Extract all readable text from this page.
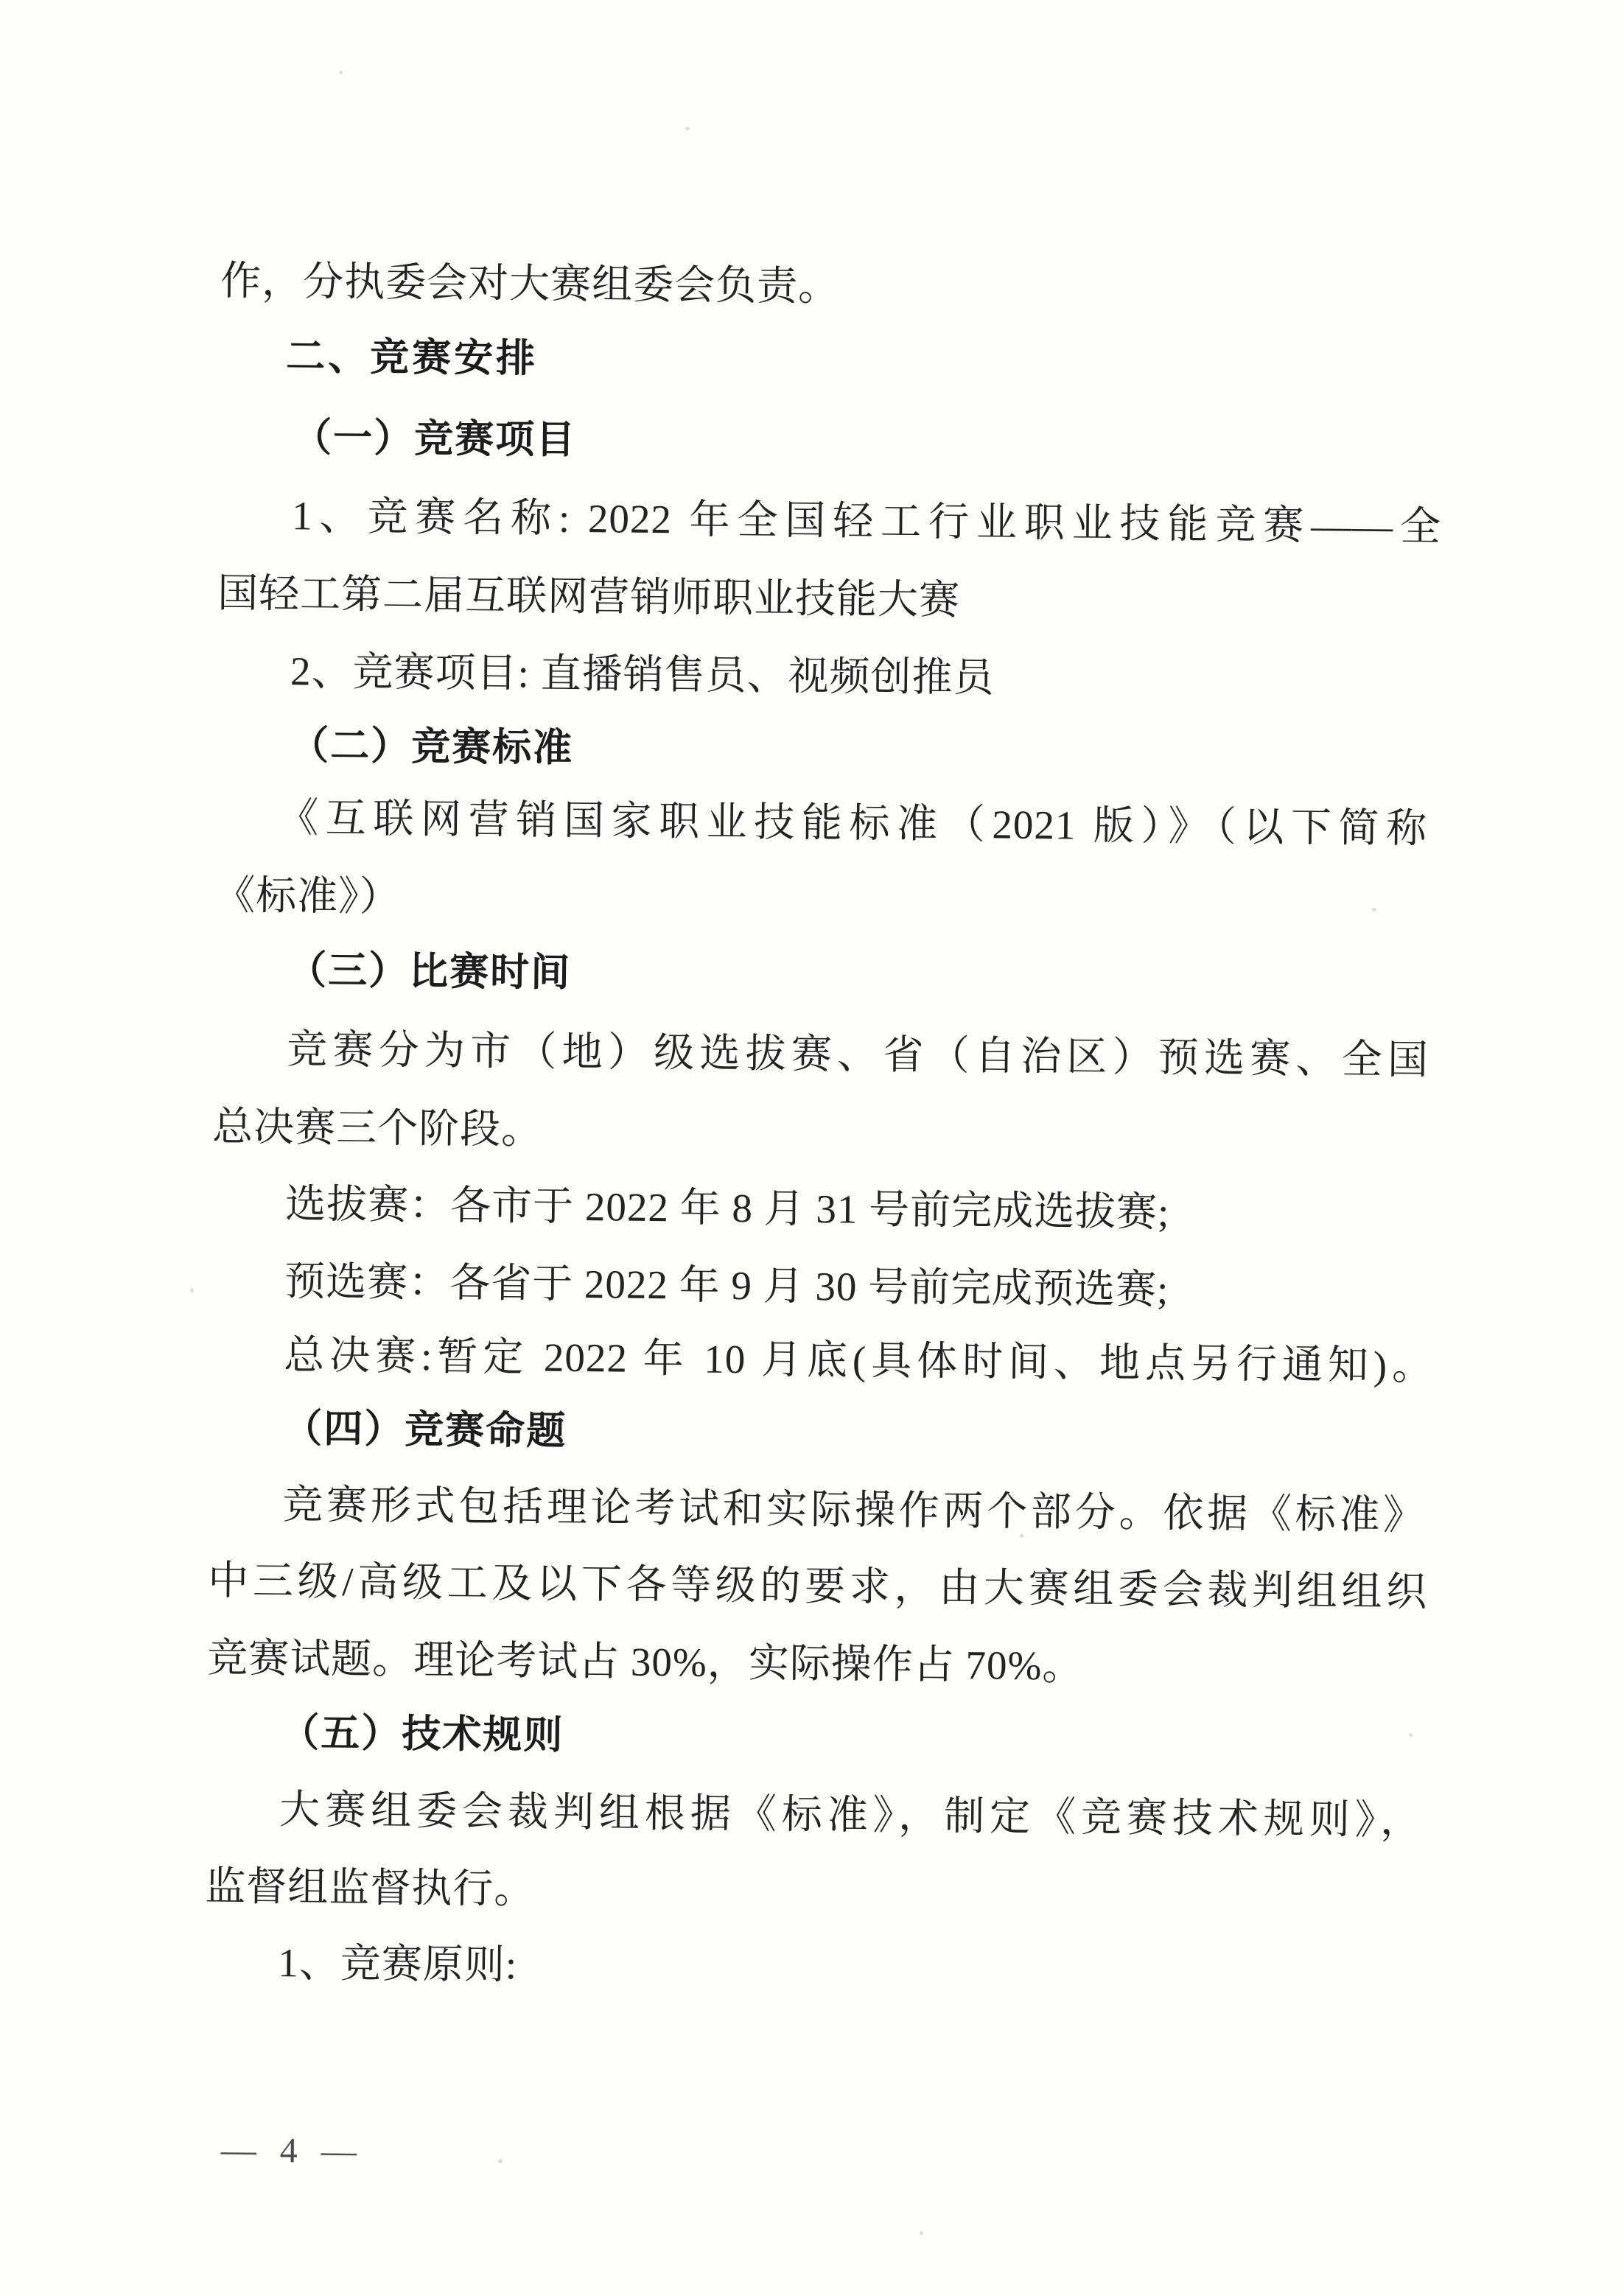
作，分执委会对大赛组委会负责。
二、竞赛安排
（一）竞赛项目
1、竞赛名称: 2022 年全国轻工行业职业技能竞赛——全
国轻工第二届互联网营销师职业技能大赛
2、竞赛项目: 直播销售员、视频创推员
（二）竞赛标准
《互联网营销国家职业技能标准（2021 版）》（以下简称
《标准》）
（三）比赛时间
竞赛分为市（地）级选拔赛、省（自治区）预选赛、全国
总决赛三个阶段。
选拔赛：各市于 2022 年 8 月 31 号前完成选拔赛;
预选赛：各省于 2022 年 9 月 30 号前完成预选赛;
总决赛:暂定 2022 年 10 月底(具体时间、地点另行通知)。
（四）竞赛命题
竞赛形式包括理论考试和实际操作两个部分。依据《标准》
中三级/高级工及以下各等级的要求，由大赛组委会裁判组组织
竞赛试题。理论考试占 30%，实际操作占 70%。
（五）技术规则
大赛组委会裁判组根据《标准》，制定《竞赛技术规则》，
监督组监督执行。
1、竞赛原则:
— 4 —
